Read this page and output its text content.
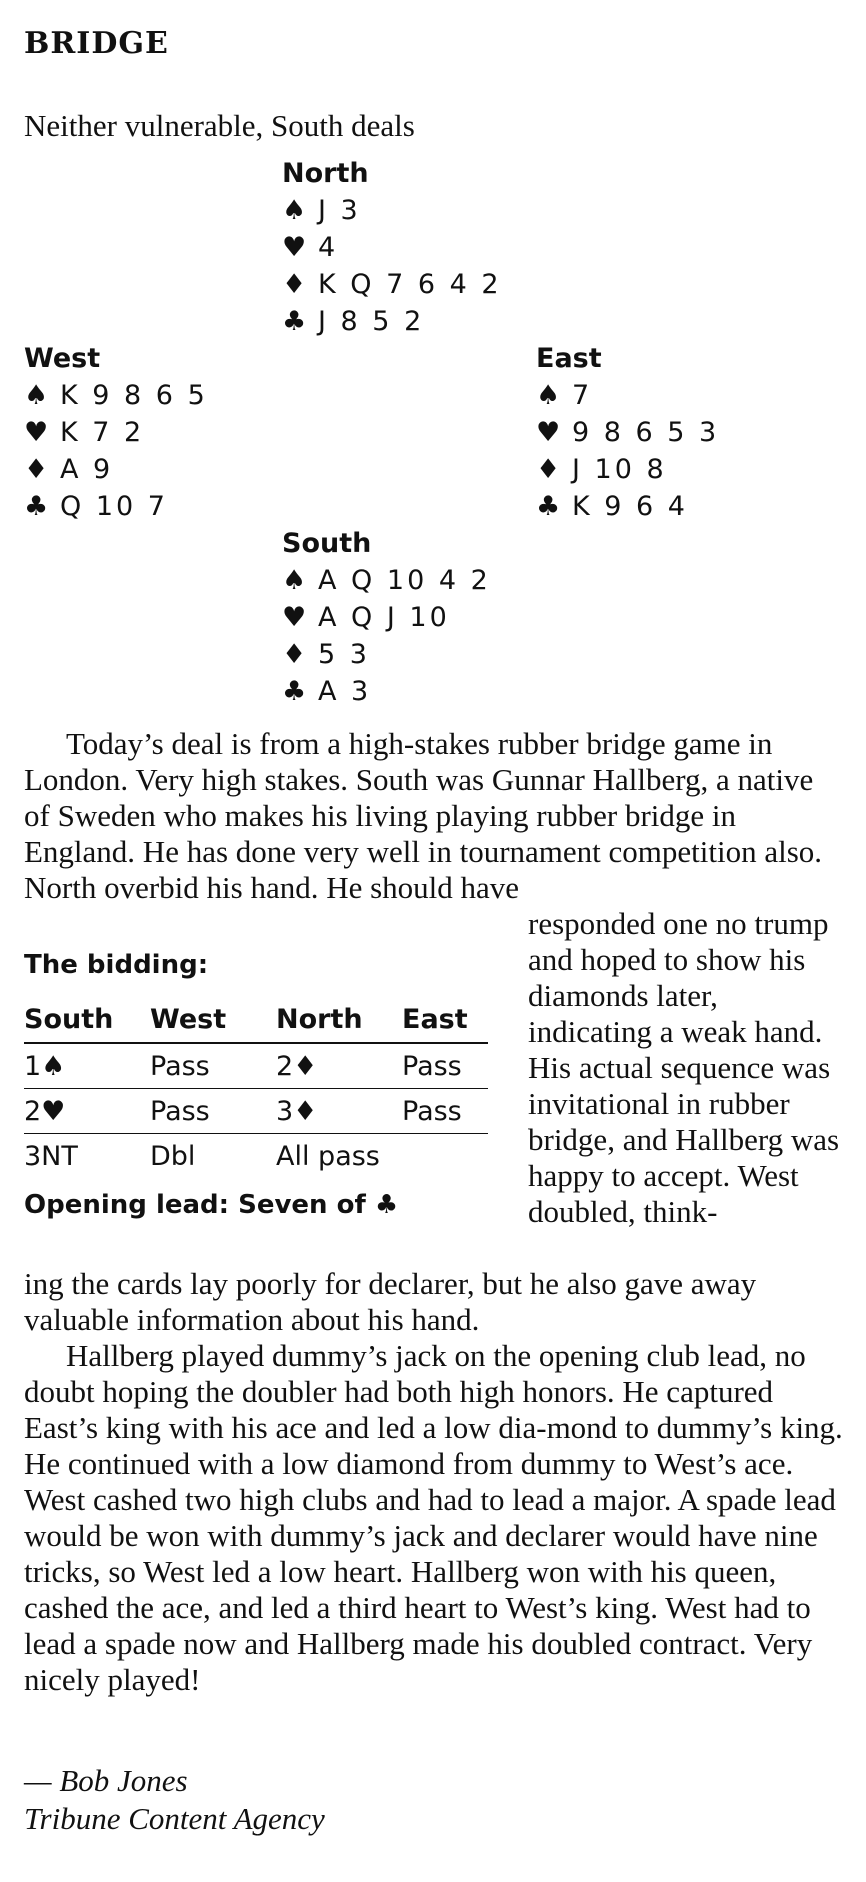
BRIDGE
Neither vulnerable, South deals
North
♠ J 3
♥ 4
♦ K Q 7 6 4 2
♣ J 8 5 2
West
♠ K 9 8 6 5
♥ K 7 2
♦ A 9
♣ Q 10 7
East
♠ 7
♥ 9 8 6 5 3
♦ J 10 8
♣ K 9 6 4
South
♠ A Q 10 4 2
♥ A Q J 10
♦ 5 3
♣ A 3

Today’s deal is from a high-stakes rubber bridge game in London. Very high stakes. South was Gunnar Hallberg, a native of Sweden who makes his living playing rubber bridge in England. He has done very well in tournament competition also. North overbid his hand. He should have

responded one no trump and hoped to show his diamonds later, indicating a weak hand. His actual sequence was invitational in rubber bridge, and Hallberg was happy to accept. West doubled, think-

ing the cards lay poorly for declarer, but he also gave away valuable information about his hand.

Hallberg played dummy’s jack on the opening club lead, no doubt hoping the doubler had both high honors. He captured East’s king with his ace and led a low dia-mond to dummy’s king. He continued with a low diamond from dummy to West’s ace. West cashed two high clubs and had to lead a major. A spade lead would be won with dummy’s jack and declarer would have nine tricks, so West led a low heart. Hallberg won with his queen, cashed the ace, and led a third heart to West’s king. West had to lead a spade now and Hallberg made his doubled contract. Very nicely played!

The bidding:
South	West	North	East
1♠	Pass	2♦	Pass
2♥	Pass	3♦	Pass
3NT	Dbl	All pass	
Opening lead: Seven of ♣
— Bob Jones
Tribune Content Agency
